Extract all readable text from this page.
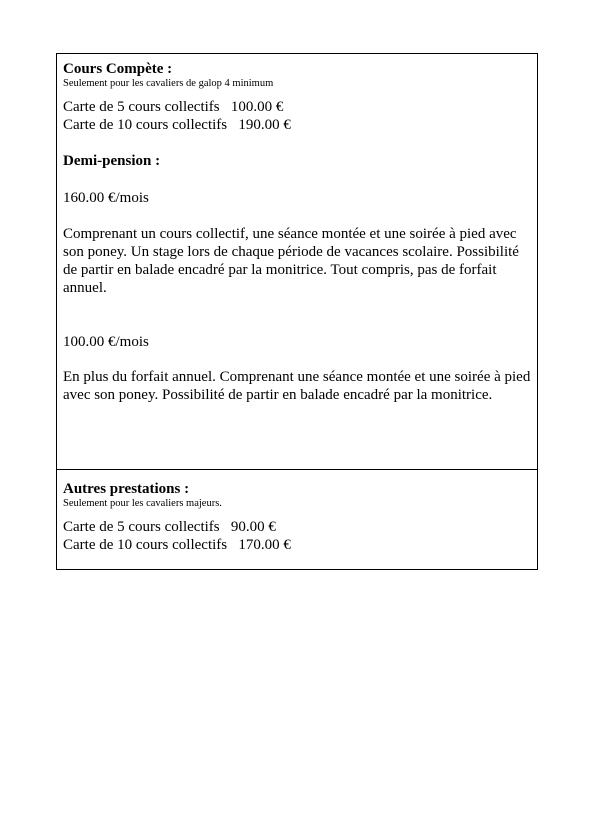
Cours Compète :
Seulement pour les cavaliers de galop 4 minimum
Carte de 5 cours collectifs   100.00 €
Carte de 10 cours collectifs   190.00 €
Demi-pension :
160.00 €/mois
Comprenant un cours collectif, une séance montée et une soirée à pied avec son poney. Un stage lors de chaque période de vacances scolaire. Possibilité de partir en balade encadré par la monitrice. Tout compris, pas de forfait annuel.
100.00 €/mois
En plus du forfait annuel. Comprenant une séance montée et une soirée à pied avec son poney. Possibilité de partir en balade encadré par la monitrice.
Autres prestations :
Seulement pour les cavaliers majeurs.
Carte de 5 cours collectifs   90.00 €
Carte de 10 cours collectifs   170.00 €
